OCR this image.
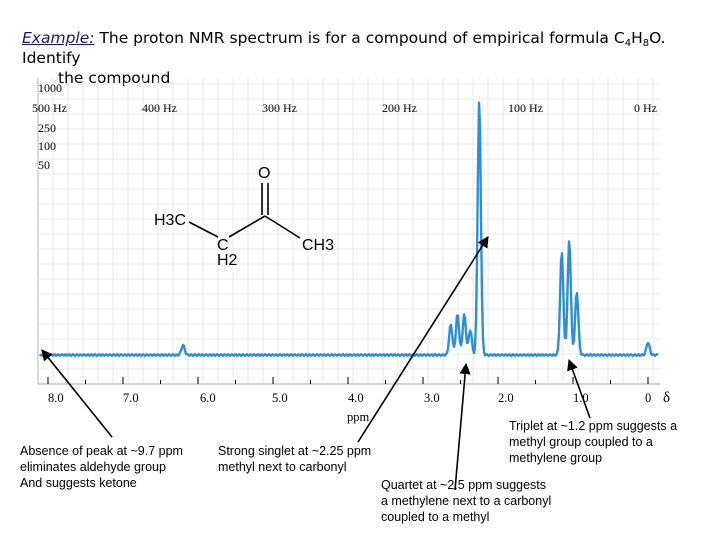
Example: The proton NMR spectrum is for a compound of empirical formula $C_4H_8O$. Identify
the compound
1000
500 Hz
250
100
50
400 Hz	300 Hz	200 Hz	100 Hz	0 Hz
8.0	7.0	6.0	5.0	4.0	3.0	2.0	1.0	0 δ
ppm
O
H3C
C
H2
CH3
Absence of peak at ~9.7 ppm
eliminates aldehyde group
And suggests ketone
Strong singlet at ~2.25 ppm
methyl next to carbonyl
Triplet at ~1.2 ppm suggests a
methyl group coupled to a
methylene group
Quartet at ~2.5 ppm suggests
a methylene next to a carbonyl
coupled to a methyl
